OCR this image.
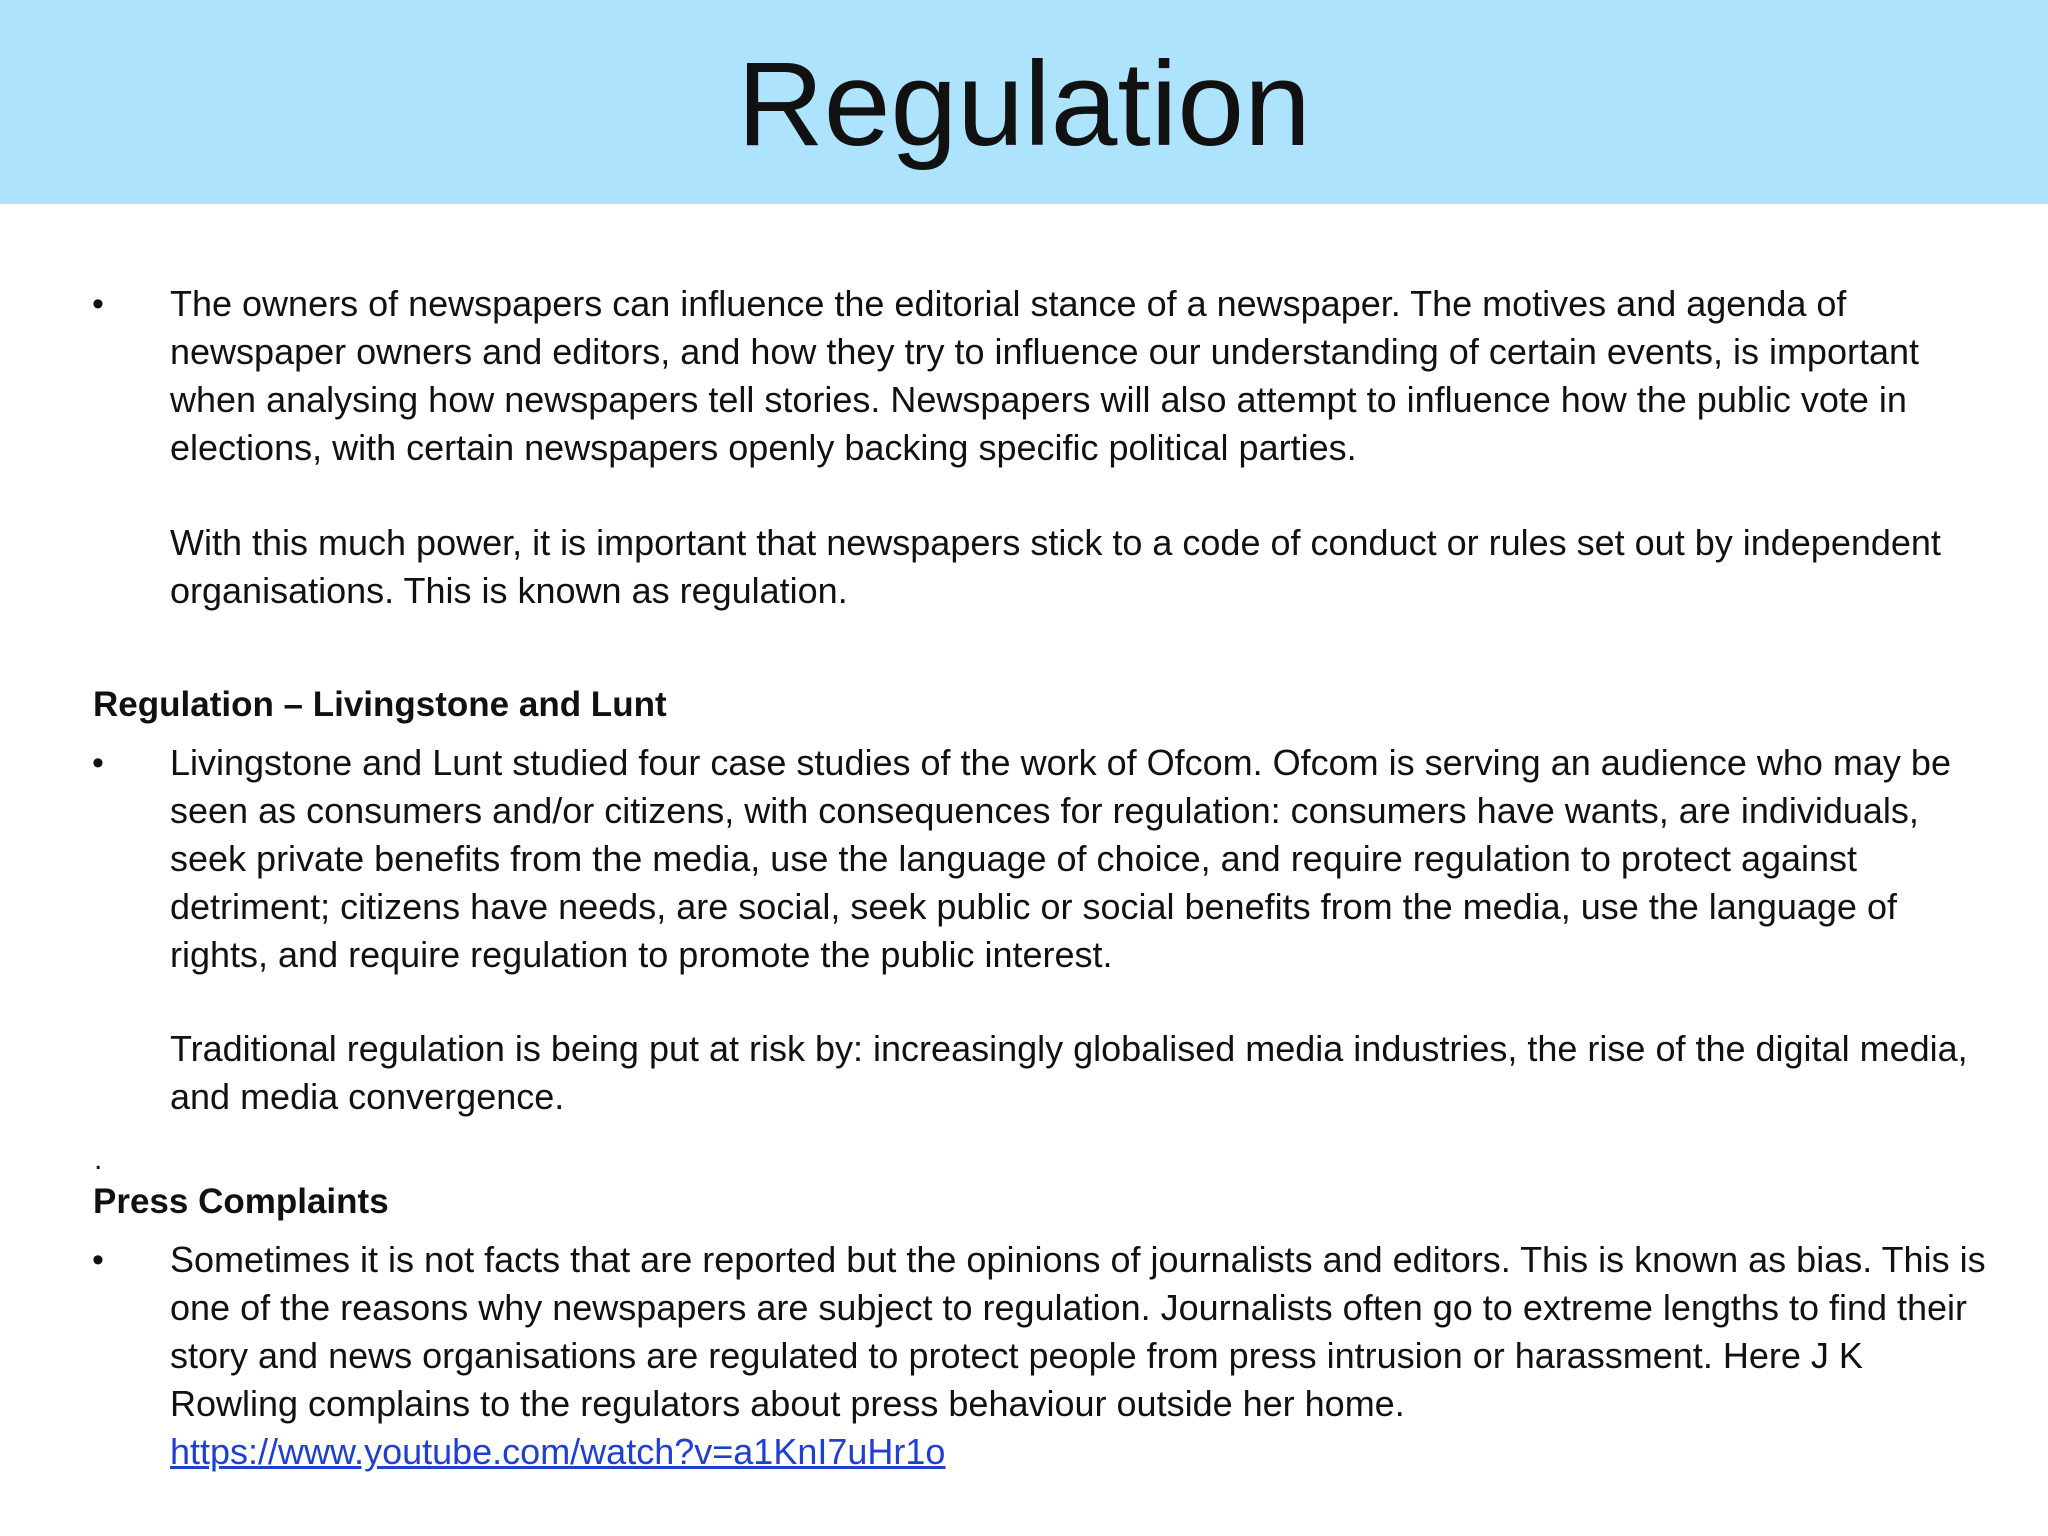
Regulation
• The owners of newspapers can influence the editorial stance of a newspaper. The motives and agenda of newspaper owners and editors, and how they try to influence our understanding of certain events, is important when analysing how newspapers tell stories. Newspapers will also attempt to influence how the public vote in elections, with certain newspapers openly backing specific political parties.

With this much power, it is important that newspapers stick to a code of conduct or rules set out by independent organisations. This is known as regulation.

Regulation – Livingstone and Lunt
• Livingstone and Lunt studied four case studies of the work of Ofcom. Ofcom is serving an audience who may be seen as consumers and/or citizens, with consequences for regulation: consumers have wants, are individuals, seek private benefits from the media, use the language of choice, and require regulation to protect against detriment; citizens have needs, are social, seek public or social benefits from the media, use the language of rights, and require regulation to promote the public interest.

Traditional regulation is being put at risk by: increasingly globalised media industries, the rise of the digital media, and media convergence.

.
Press Complaints
• Sometimes it is not facts that are reported but the opinions of journalists and editors. This is known as bias. This is one of the reasons why newspapers are subject to regulation. Journalists often go to extreme lengths to find their story and news organisations are regulated to protect people from press intrusion or harassment. Here J K Rowling complains to the regulators about press behaviour outside her home.
https://www.youtube.com/watch?v=a1KnI7uHr1o
